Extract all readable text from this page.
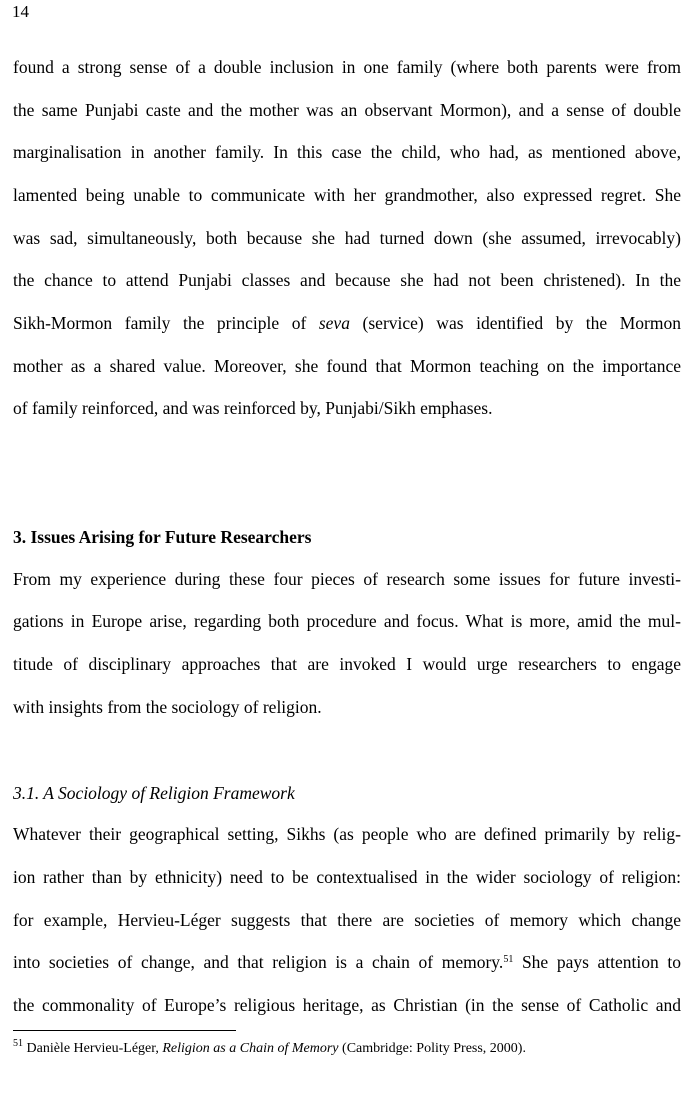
14
found a strong sense of a double inclusion in one family (where both parents were from
the same Punjabi caste and the mother was an observant Mormon), and a sense of double
marginalisation in another family. In this case the child, who had, as mentioned above,
lamented being unable to communicate with her grandmother, also expressed regret. She
was sad, simultaneously, both because she had turned down (she assumed, irrevocably)
the chance to attend Punjabi classes and because she had not been christened). In the
Sikh-Mormon family the principle of seva (service) was identified by the Mormon
mother as a shared value. Moreover, she found that Mormon teaching on the importance
of family reinforced, and was reinforced by, Punjabi/Sikh emphases.
3. Issues Arising for Future Researchers
From my experience during these four pieces of research some issues for future investi-
gations in Europe arise, regarding both procedure and focus. What is more, amid the mul-
titude of disciplinary approaches that are invoked I would urge researchers to engage
with insights from the sociology of religion.
3.1. A Sociology of Religion Framework
Whatever their geographical setting, Sikhs (as people who are defined primarily by relig-
ion rather than by ethnicity) need to be contextualised in the wider sociology of religion:
for example, Hervieu-Léger suggests that there are societies of memory which change
into societies of change, and that religion is a chain of memory.$^{51}$ She pays attention to
the commonality of Europe’s religious heritage, as Christian (in the sense of Catholic and
$^{51}$ Danièle Hervieu-Léger, Religion as a Chain of Memory (Cambridge: Polity Press, 2000).
